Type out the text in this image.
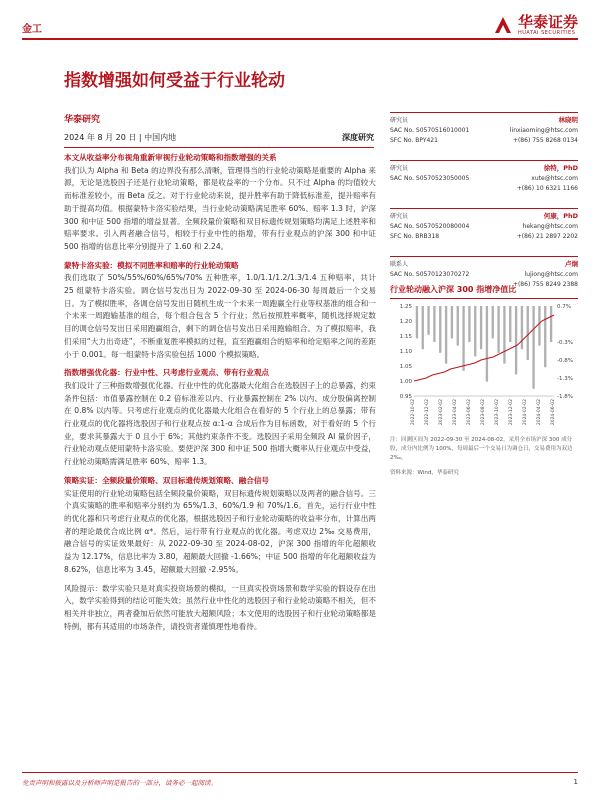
金工	华泰证券
HUATAI SECURITIES
指数增强如何受益于行业轮动
华泰研究
2024 年 8 月 20 日 | 中国内地	深度研究
本文从收益率分布视角重新审视行业轮动策略和指数增强的关系
我们认为 Alpha 和 Beta 的边界没有那么清晰，管理得当的行业轮动策略是重要的 Alpha 来源，无论是选股因子还是行业轮动策略，都是收益率的一个分布。只不过 Alpha 的均值较大而标准差较小，而 Beta 反之。对于行业轮动来说，提升胜率有助于降低标准差，提升赔率有助于提高均值。根据蒙特卡洛实验结果，当行业轮动策略满足胜率 60%、赔率 1.3 时，沪深 300 和中证 500 指增的增益显著。全频段量价策略和双目标遗传规划策略均满足上述胜率和赔率要求。引入两者融合信号，相较于行业中性的指增，带有行业观点的沪深 300 和中证 500 指增的信息比率分别提升了 1.60 和 2.24。
蒙特卡洛实验：模拟不同胜率和赔率的行业轮动策略
我们选取了 50%/55%/60%/65%/70% 五种胜率，1.0/1.1/1.2/1.3/1.4 五种赔率，共计 25 组蒙特卡洛实验。调仓信号发出日为 2022-09-30 至 2024-06-30 每周最后一个交易日。为了模拟胜率，各调仓信号发出日随机生成一个未来一周跑赢全行业等权基准的组合和一个未来一周跑输基准的组合，每个组合包含 5 个行业；然后按照胜率概率，随机选择规定数目的调仓信号发出日采用跑赢组合，剩下的调仓信号发出日采用跑输组合。为了模拟赔率，我们采用“大力出奇迹”，不断重复胜率模拟的过程，直至跑赢组合的赔率和给定赔率之间的差距小于 0.001。每一组蒙特卡洛实验包括 1000 个模拟策略。
指数增强优化器：行业中性、只考虑行业观点、带有行业观点
我们设计了三种指数增强优化器。行业中性的优化器最大化组合在选股因子上的总暴露，约束条件包括：市值暴露控制在 0.2 倍标准差以内、行业暴露控制在 2% 以内、成分股偏离控制在 0.8% 以内等。只考虑行业观点的优化器最大化组合在看好的 5 个行业上的总暴露；带有行业观点的优化器将选股因子和行业观点按 α:1-α 合成后作为目标函数，对于看好的 5 个行业，要求其暴露大于 0 且小于 6%；其他约束条件不变。选股因子采用全频段 AI 量价因子，行业轮动观点使用蒙特卡洛实验。要使沪深 300 和中证 500 指增大概率从行业观点中受益，行业轮动策略需满足胜率 60%、赔率 1.3。
策略实证：全频段量价策略、双目标遗传规划策略、融合信号
实证使用的行业轮动策略包括全频段量价策略，双目标遗传规划策略以及两者的融合信号。三个真实策略的胜率和赔率分别约为 65%/1.3、60%/1.9 和 70%/1.6。首先，运行行业中性的优化器和只考虑行业观点的优化器，根据选股因子和行业轮动策略的收益率分布，计算出两者的理论最优合成比例 α*。然后，运行带有行业观点的优化器。考虑双边 2‰ 交易费用，融合信号的实证效果最好：从 2022-09-30 至 2024-08-02，沪深 300 指增的年化超额收益为 12.17%，信息比率为 3.80，超额最大回撤 -1.66%；中证 500 指增的年化超额收益为 8.62%，信息比率为 3.45，超额最大回撤 -2.95%。
风险提示：数学实验只是对真实投资场景的模拟，一旦真实投资场景和数学实验的假设存在出入，数学实验得到的结论可能失效；虽然行业中性化的选股因子和行业轮动策略不相关，但不相关并非独立，两者叠加后依然可能放大超额风险；本文使用的选股因子和行业轮动策略都是特例，都有其适用的市场条件，请投资者谨慎理性地看待。
研究员	林晓明
SAC No. S0570516010001
SFC No. BPY421
linxiaoming@htsc.com
+(86) 755 8268 0134
研究员	徐特，PhD
SAC No. S0570523050005	xute@htsc.com
+(86) 10 6321 1166
研究员	何康，PhD
SAC No. S0570520080004
SFC No. BRB318
hekang@htsc.com
+(86) 21 2897 2202
联系人	卢炯
SAC No. S0570123070272	lujiong@htsc.com
+(86) 755 8249 2388
行业轮动融入沪深 300 指增净值比
1.25
1.20
1.15
1.10
1.05
1.00
0.95
0.7%
-0.3%
-0.8%
-1.3%
-1.8%
2022-10-02 2022-12-02 2023-02-02 2023-04-02 2023-06-02 2023-08-02 2023-10-02 2023-12-02 2024-02-02 2024-04-02 2024-06-02
注：回测区间为 2022-09-30 至 2024-08-02，采用全市场沪深 300 成分股，成分内比例为 100%，每周最后一个交易日为调仓日，交易费用为双边 2‰。
资料来源：Wind，华泰研究
免责声明和披露以及分析师声明是报告的一部分，请务必一起阅读。	1
